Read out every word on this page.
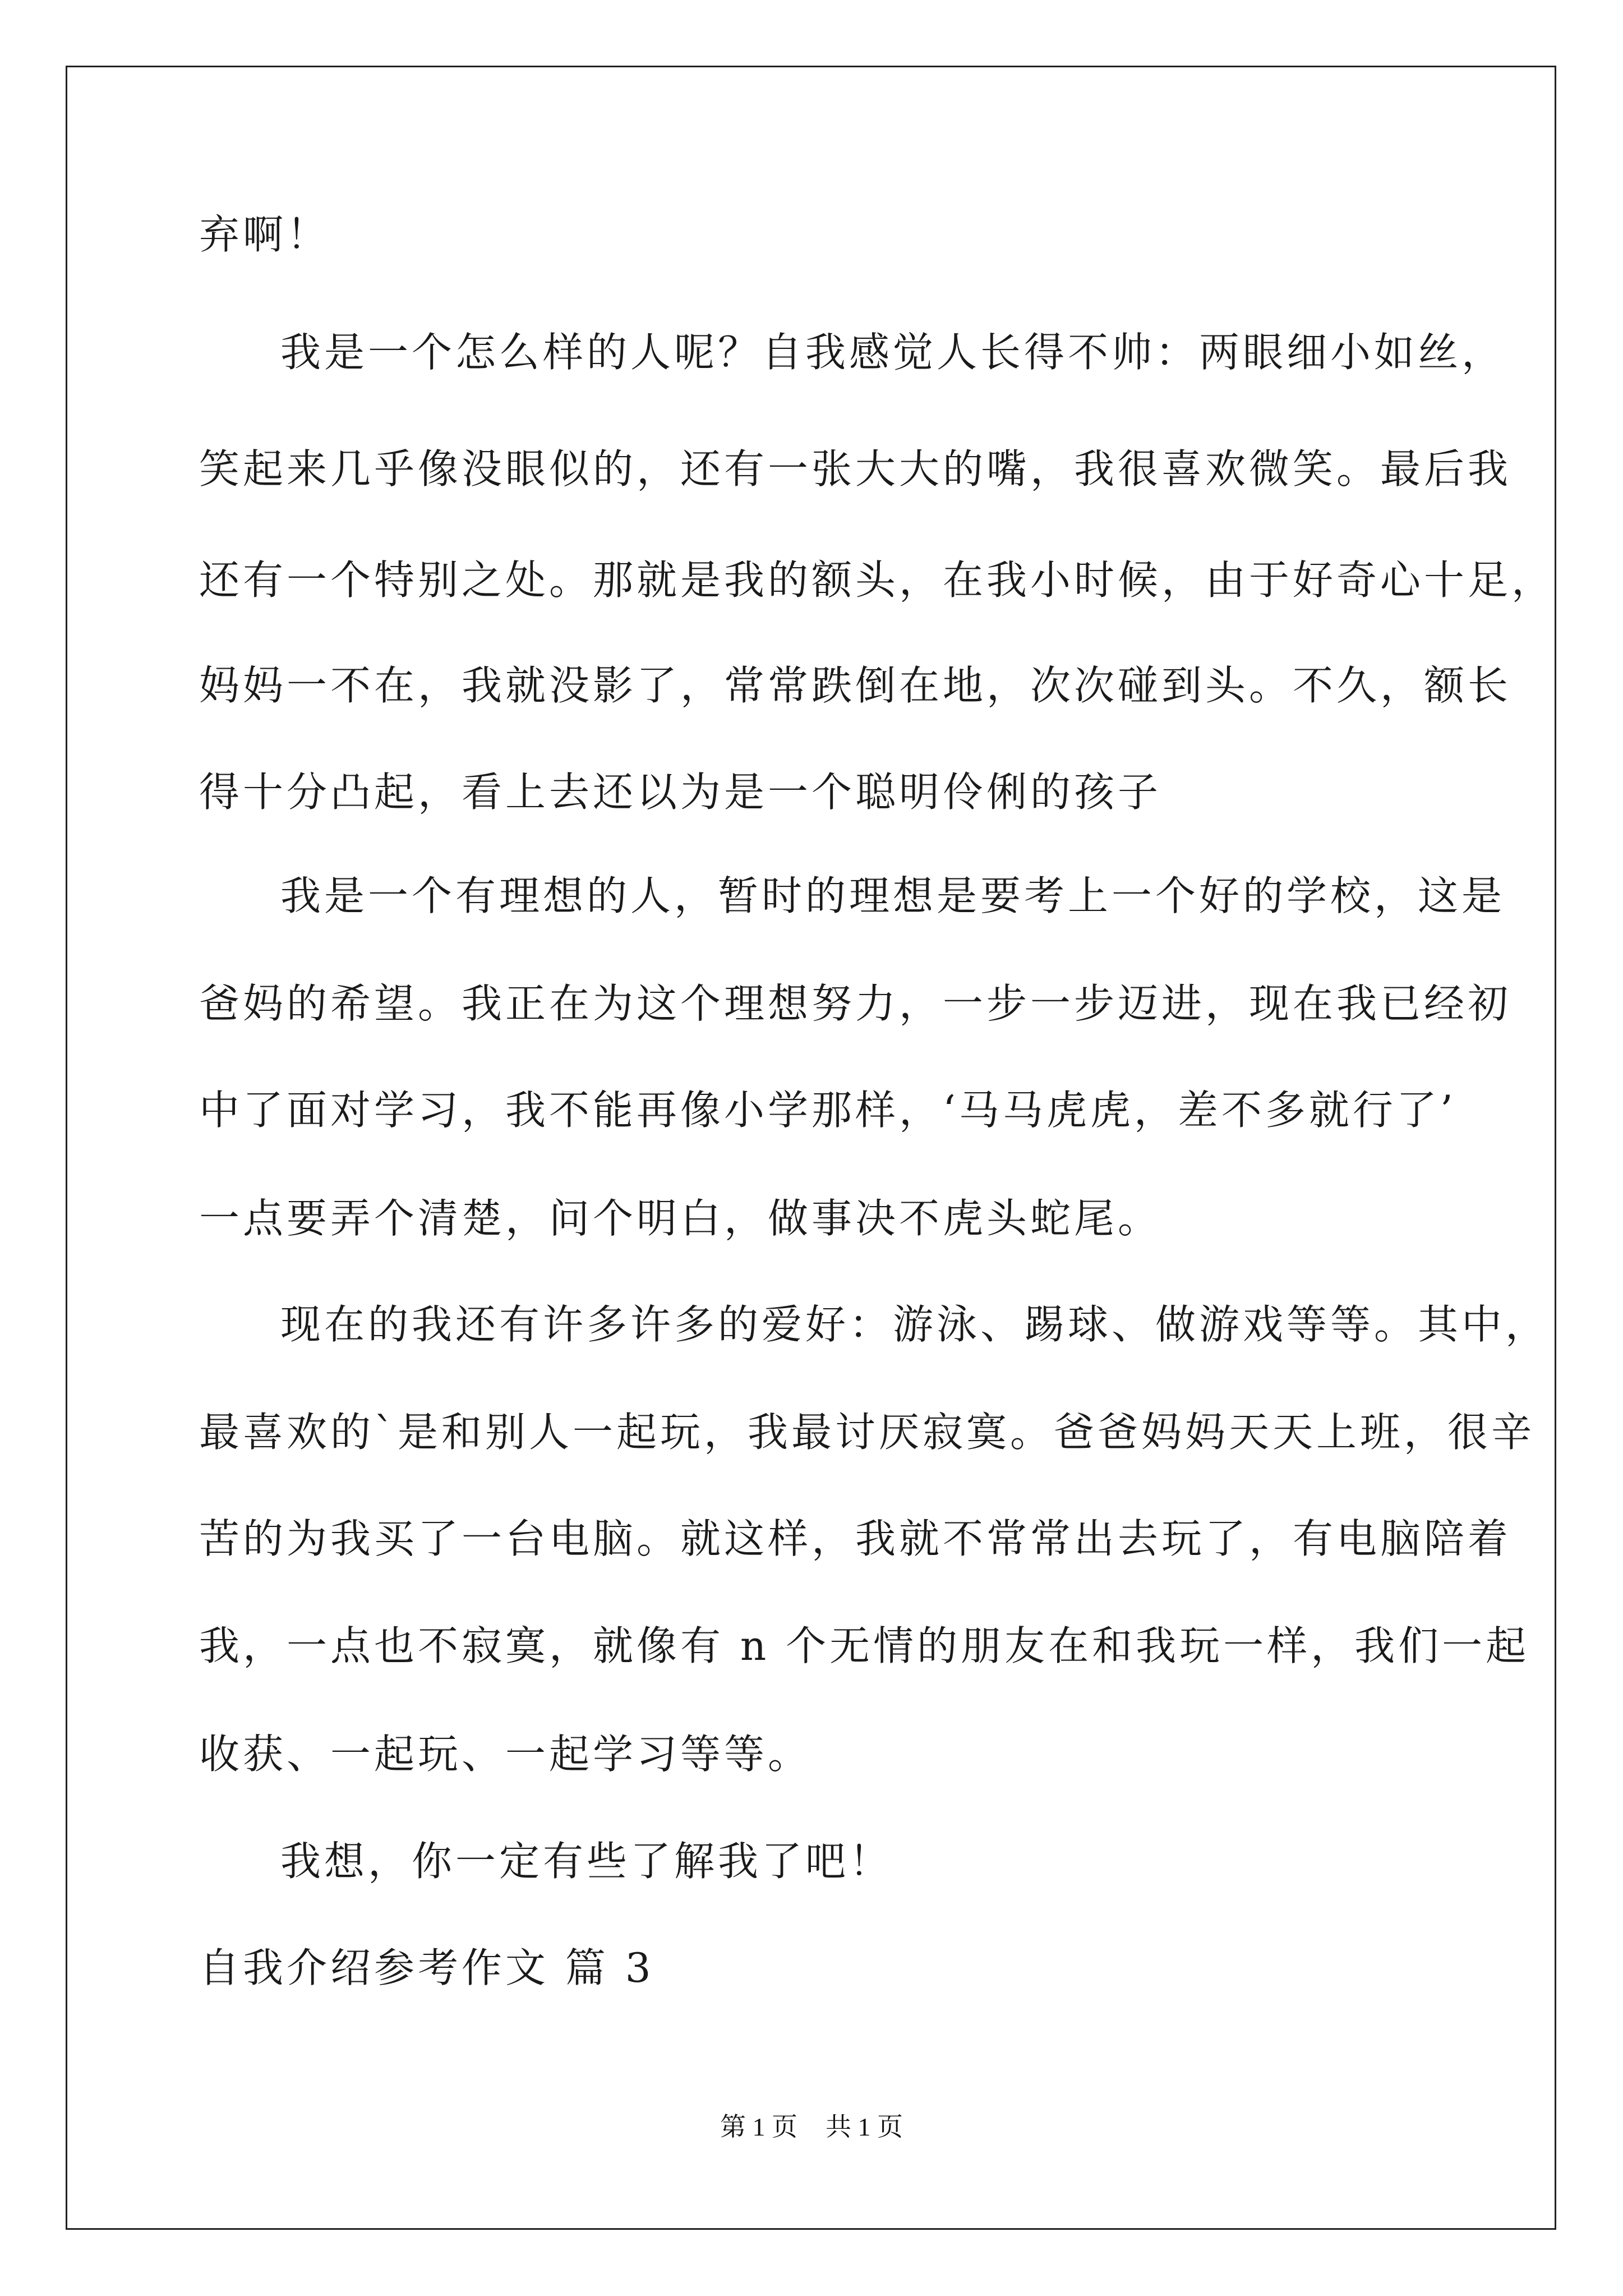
弃啊！
我是一个怎么样的人呢？自我感觉人长得不帅：两眼细小如丝，
笑起来几乎像没眼似的，还有一张大大的嘴，我很喜欢微笑。最后我
还有一个特别之处。那就是我的额头，在我小时候，由于好奇心十足，
妈妈一不在，我就没影了，常常跌倒在地，次次碰到头。不久，额长
得十分凸起，看上去还以为是一个聪明伶俐的孩子
我是一个有理想的人，暂时的理想是要考上一个好的学校，这是
爸妈的希望。我正在为这个理想努力，一步一步迈进，现在我已经初
中了面对学习，我不能再像小学那样，‘马马虎虎，差不多就行了’
一点要弄个清楚，问个明白，做事决不虎头蛇尾。
现在的我还有许多许多的爱好：游泳、踢球、做游戏等等。其中，
最喜欢的`是和别人一起玩，我最讨厌寂寞。爸爸妈妈天天上班，很辛
苦的为我买了一台电脑。就这样，我就不常常出去玩了，有电脑陪着
我，一点也不寂寞，就像有 n 个无情的朋友在和我玩一样，我们一起
收获、一起玩、一起学习等等。
我想，你一定有些了解我了吧！
自我介绍参考作文 篇 3
第 1 页 共 1 页
